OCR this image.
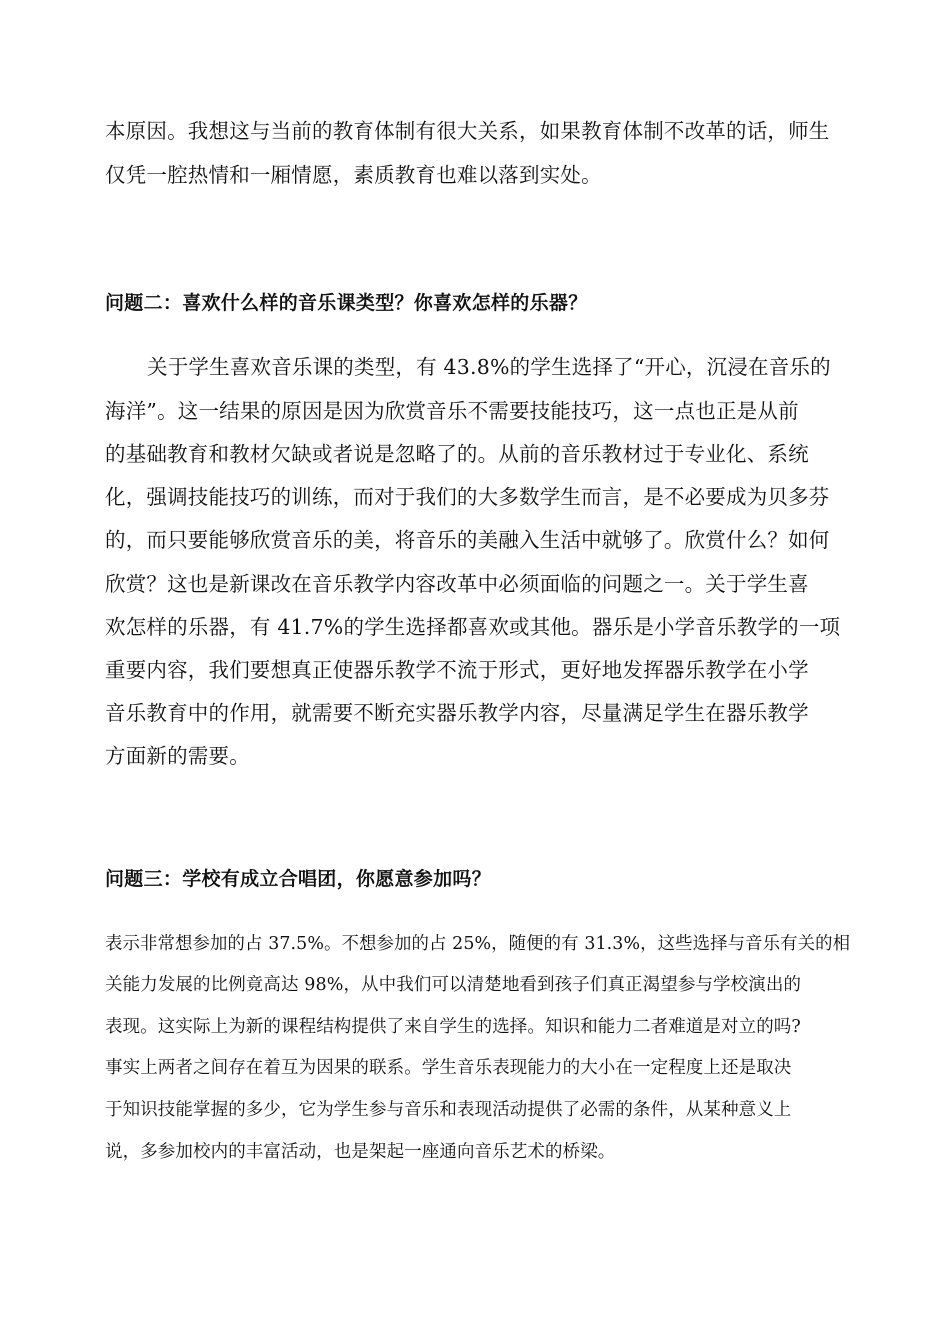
本原因。我想这与当前的教育体制有很大关系，如果教育体制不改革的话，师生
仅凭一腔热情和一厢情愿，素质教育也难以落到实处。
问题二：喜欢什么样的音乐课类型？你喜欢怎样的乐器？
关于学生喜欢音乐课的类型，有 43.8%的学生选择了“开心，沉浸在音乐的
海洋”。这一结果的原因是因为欣赏音乐不需要技能技巧，这一点也正是从前
的基础教育和教材欠缺或者说是忽略了的。从前的音乐教材过于专业化、系统
化，强调技能技巧的训练，而对于我们的大多数学生而言，是不必要成为贝多芬
的，而只要能够欣赏音乐的美，将音乐的美融入生活中就够了。欣赏什么？如何
欣赏？这也是新课改在音乐教学内容改革中必须面临的问题之一。关于学生喜
欢怎样的乐器，有 41.7%的学生选择都喜欢或其他。器乐是小学音乐教学的一项
重要内容，我们要想真正使器乐教学不流于形式，更好地发挥器乐教学在小学
音乐教育中的作用，就需要不断充实器乐教学内容，尽量满足学生在器乐教学
方面新的需要。
问题三：学校有成立合唱团，你愿意参加吗？
表示非常想参加的占 37.5%。不想参加的占 25%，随便的有 31.3%，这些选择与音乐有关的相
关能力发展的比例竟高达 98%，从中我们可以清楚地看到孩子们真正渴望参与学校演出的
表现。这实际上为新的课程结构提供了来自学生的选择。知识和能力二者难道是对立的吗?
事实上两者之间存在着互为因果的联系。学生音乐表现能力的大小在一定程度上还是取决
于知识技能掌握的多少，它为学生参与音乐和表现活动提供了必需的条件，从某种意义上
说，多参加校内的丰富活动，也是架起一座通向音乐艺术的桥梁。
